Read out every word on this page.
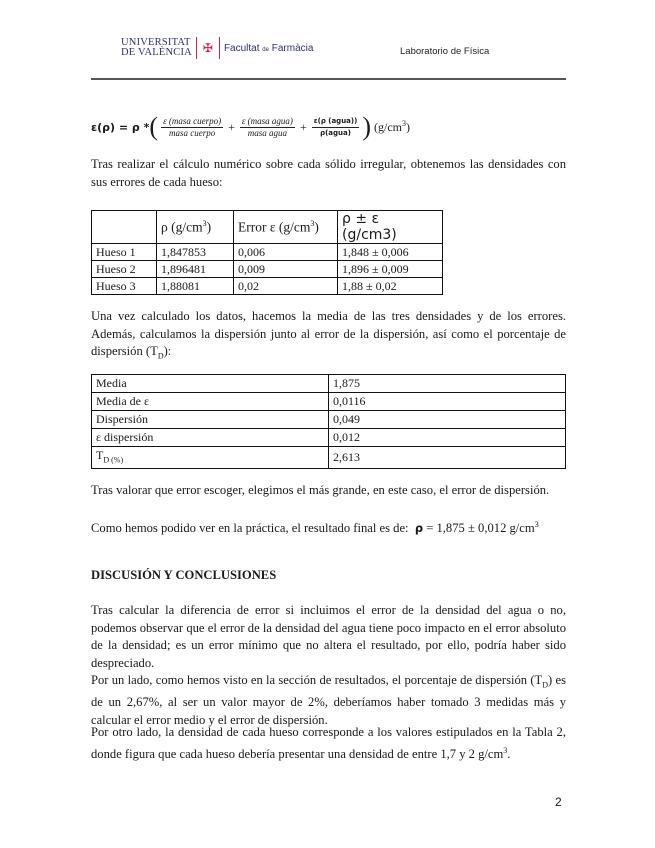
UNIVERSITAT
DE VALÈNCIA ✠	Facultat de Farmàcia	Laboratorio de Física
ε(ρ) = ρ * ( $\frac{\text{ε (masa cuerpo)}}{\text{masa cuerpo}} + \frac{\text{ε (masa agua)}}{\text{masa agua}} + \frac{\text{ε(ρ (agua))}}{\text{ρ(agua)}}$ ) $(g/cm^3)$

Tras realizar el cálculo numérico sobre cada sólido irregular, obtenemos las densidades con sus errores de cada hueso:

	ρ $(g/cm^3)$	Error ε $(g/cm^3)$	ρ ± ε (g/cm3)
Hueso 1	1,847853	0,006	1,848 ± 0,006
Hueso 2	1,896481	0,009	1,896 ± 0,009
Hueso 3	1,88081	0,02	1,88 ± 0,02

Una vez calculado los datos, hacemos la media de las tres densidades y de los errores. Además, calculamos la dispersión junto al error de la dispersión, así como el porcentaje de dispersión $(T_D)$:

Media	1,875
Media de ε	0,0116
Dispersión	0,049
ε dispersión	0,012
$T_{D (\%)}$	2,613

Tras valorar que error escoger, elegimos el más grande, en este caso, el error de dispersión.

Como hemos podido ver en la práctica, el resultado final es de: ρ = 1,875 ± 0,012 $g/cm^3$

DISCUSIÓN Y CONCLUSIONES

Tras calcular la diferencia de error si incluimos el error de la densidad del agua o no, podemos observar que el error de la densidad del agua tiene poco impacto en el error absoluto de la densidad; es un error mínimo que no altera el resultado, por ello, podría haber sido despreciado.

Por un lado, como hemos visto en la sección de resultados, el porcentaje de dispersión $(T_D)$ es de un 2,67%, al ser un valor mayor de 2%, deberíamos haber tomado 3 medidas más y calcular el error medio y el error de dispersión.

Por otro lado, la densidad de cada hueso corresponde a los valores estipulados en la Tabla 2, donde figura que cada hueso debería presentar una densidad de entre 1,7 y 2 $g/cm^3$.

2
